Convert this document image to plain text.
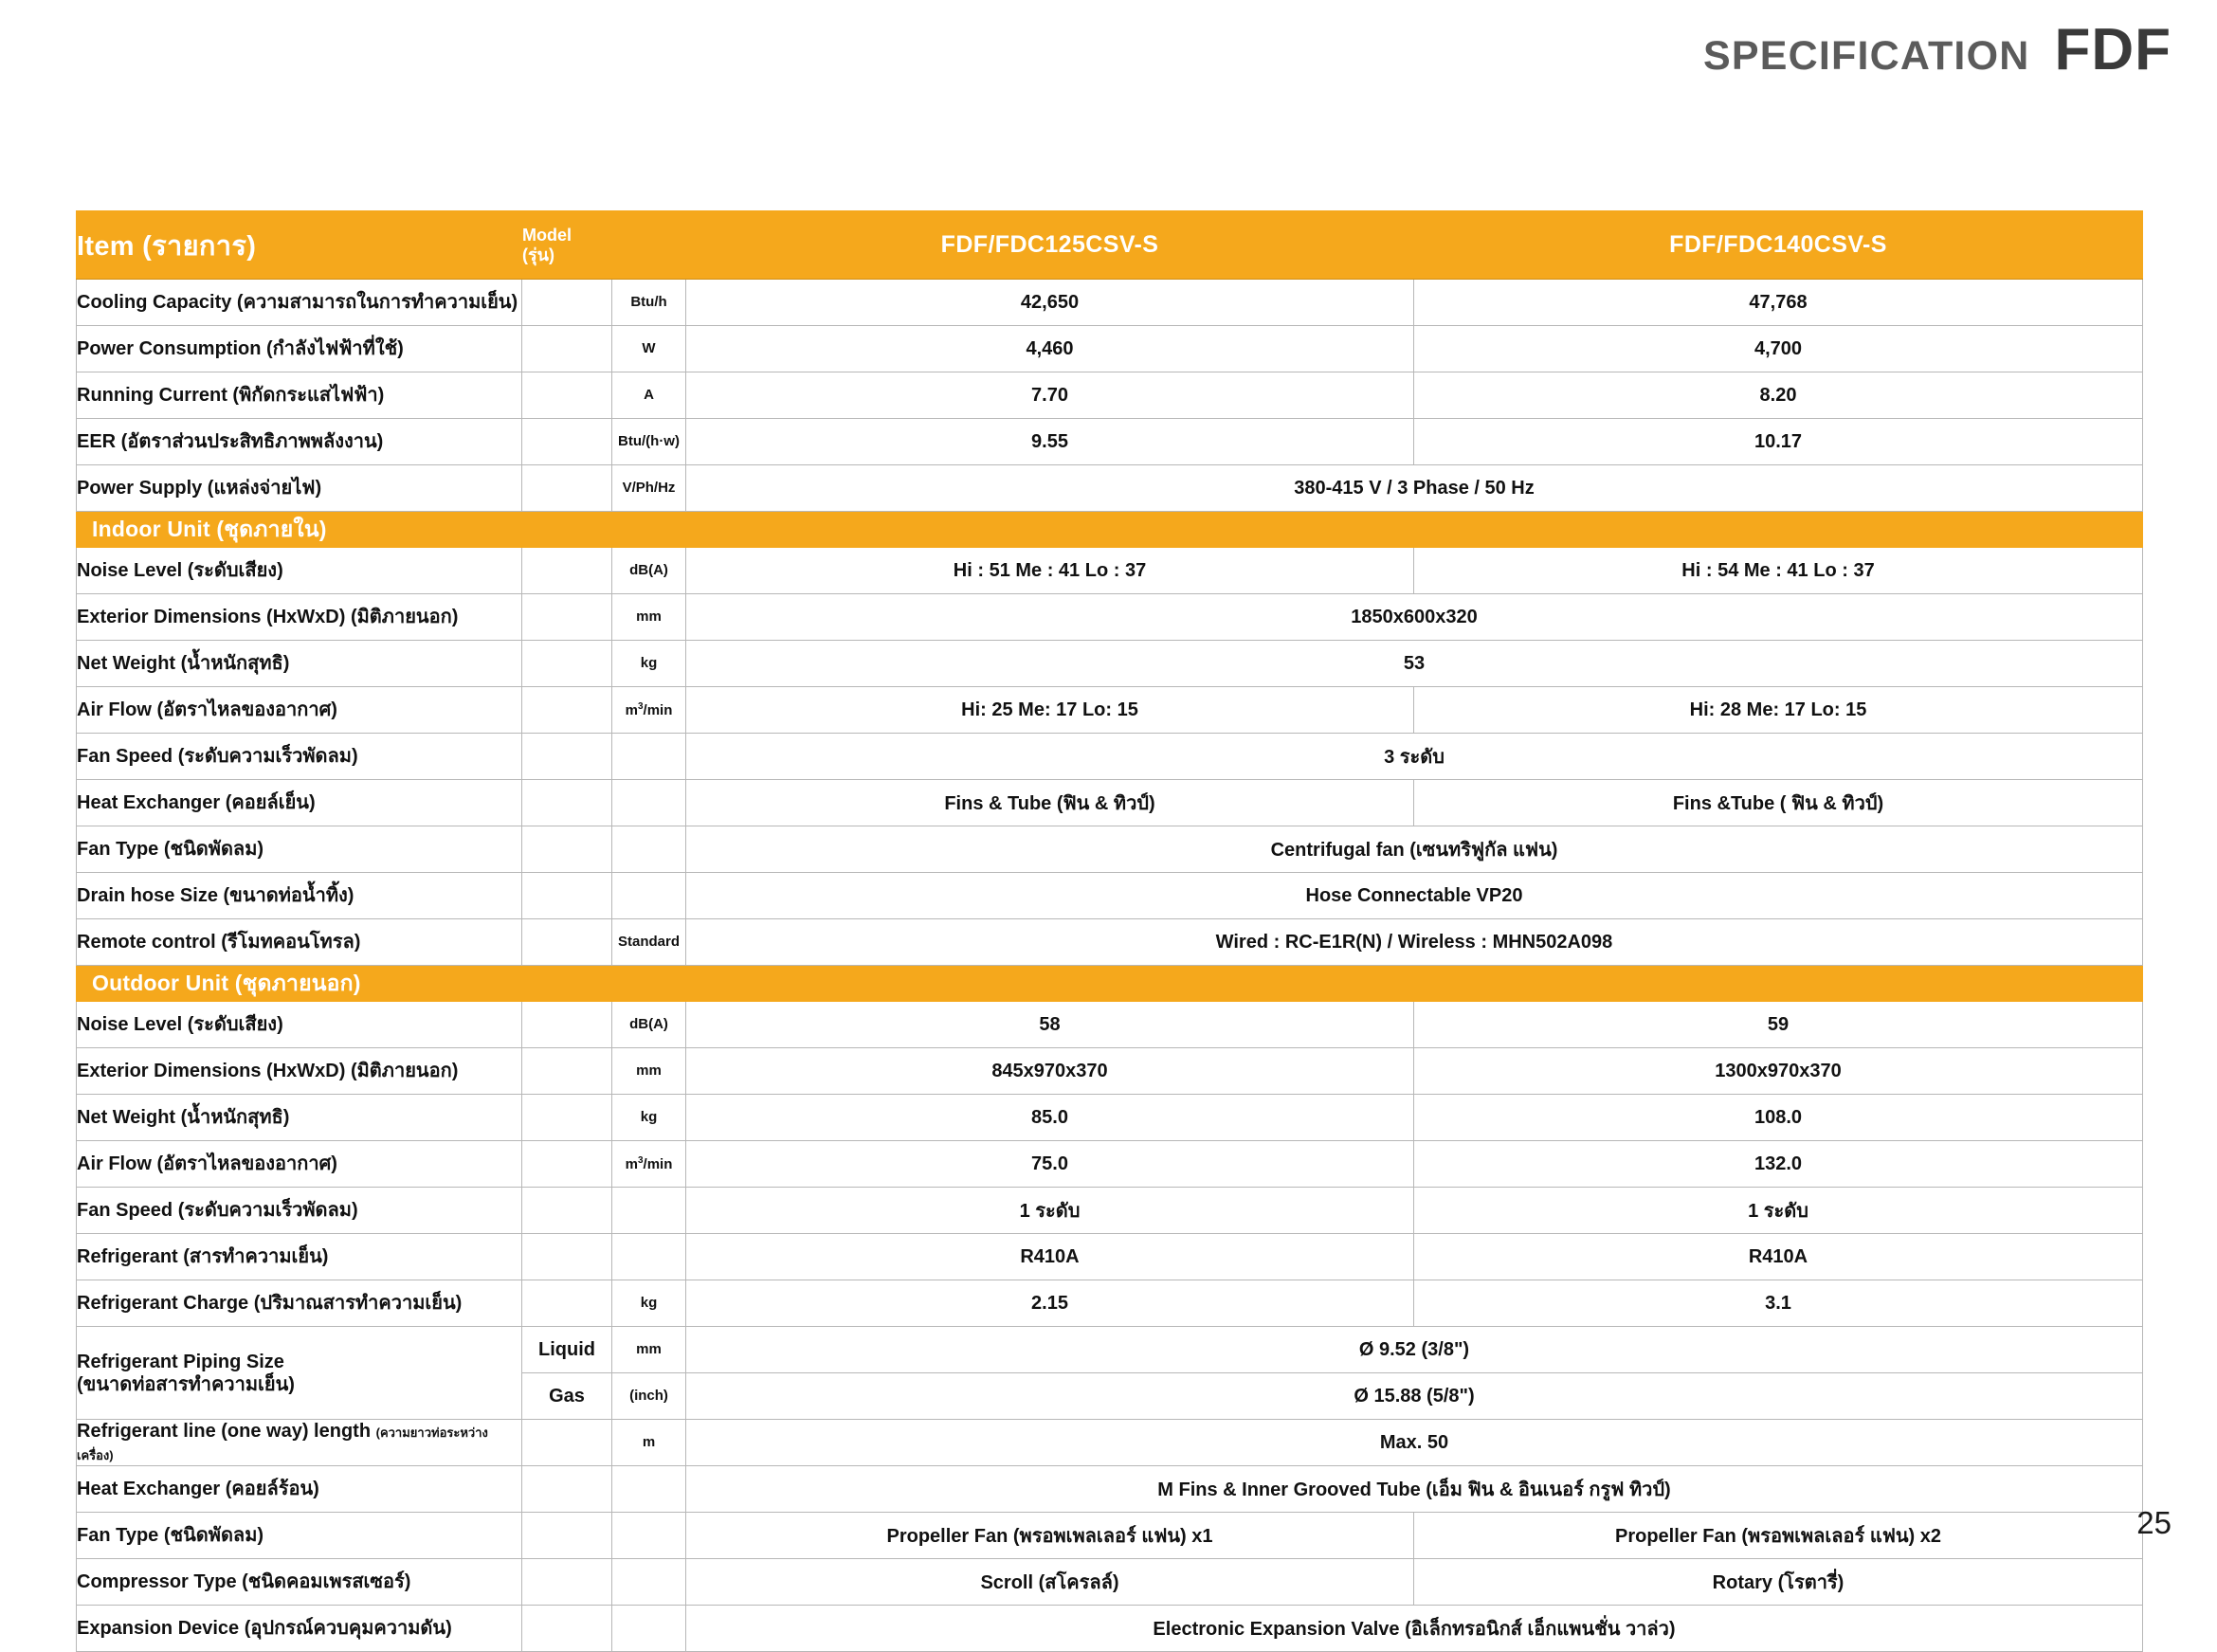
SPECIFICATION FDF
Item (รายการ)	Model
(รุ่น)		FDF/FDC125CSV-S	FDF/FDC140CSV-S
Cooling Capacity (ความสามารถในการทำความเย็น)		Btu/h	42,650	47,768
Power Consumption (กำลังไฟฟ้าที่ใช้)		W	4,460	4,700
Running Current (พิกัดกระแสไฟฟ้า)		A	7.70	8.20
EER (อัตราส่วนประสิทธิภาพพลังงาน)		Btu/(h·w)	9.55	10.17
Power Supply (แหล่งจ่ายไฟ)		V/Ph/Hz	380-415 V / 3 Phase / 50 Hz	
Indoor Unit (ชุดภายใน)				
Noise Level (ระดับเสียง)		dB(A)	Hi : 51 Me : 41 Lo : 37	Hi : 54 Me : 41 Lo : 37
Exterior Dimensions (HxWxD) (มิติภายนอก)		mm	1850x600x320	
Net Weight (น้ำหนักสุทธิ)		kg	53	
Air Flow (อัตราไหลของอากาศ)		$m^3/\min$	Hi: 25 Me: 17 Lo: 15	Hi: 28 Me: 17 Lo: 15
Fan Speed (ระดับความเร็วพัดลม)			3 ระดับ	
Heat Exchanger (คอยล์เย็น)			Fins & Tube (ฟิน & ทิวป์)	Fins &Tube ( ฟิน & ทิวป์)
Fan Type (ชนิดพัดลม)			Centrifugal fan (เซนทริฟูกัล แฟน)	
Drain hose Size (ขนาดท่อน้ำทิ้ง)			Hose Connectable VP20	
Remote control (รีโมทคอนโทรล)		Standard	Wired : RC-E1R(N) / Wireless : MHN502A098	
Outdoor Unit (ชุดภายนอก)				
Noise Level (ระดับเสียง)		dB(A)	58	59
Exterior Dimensions (HxWxD) (มิติภายนอก)		mm	845x970x370	1300x970x370
Net Weight (น้ำหนักสุทธิ)		kg	85.0	108.0
Air Flow (อัตราไหลของอากาศ)		$m^3/\min$	75.0	132.0
Fan Speed (ระดับความเร็วพัดลม)			1 ระดับ	1 ระดับ
Refrigerant (สารทำความเย็น)			R410A	R410A
Refrigerant Charge (ปริมาณสารทำความเย็น)		kg	2.15	3.1
Refrigerant Piping Size
(ขนาดท่อสารทำความเย็น)	Liquid	mm	Ø 9.52 (3/8")	
	Gas	(inch)	Ø 15.88 (5/8")	
Refrigerant line (one way) length (ความยาวท่อระหว่างเครื่อง)		m	Max. 50	
Heat Exchanger (คอยล์ร้อน)			M Fins & Inner Grooved Tube (เอ็ม ฟิน & อินเนอร์ กรูฟ ทิวป์)	
Fan Type (ชนิดพัดลม)			Propeller Fan (พรอพเพลเลอร์ แฟน) x1	Propeller Fan (พรอพเพลเลอร์ แฟน) x2
Compressor Type (ชนิดคอมเพรสเซอร์)			Scroll (สโครลล์)	Rotary (โรตารี่)
Expansion Device (อุปกรณ์ควบคุมความดัน)			Electronic Expansion Valve (อิเล็กทรอนิกส์ เอ็กแพนชั่น วาล่ว)	
25
